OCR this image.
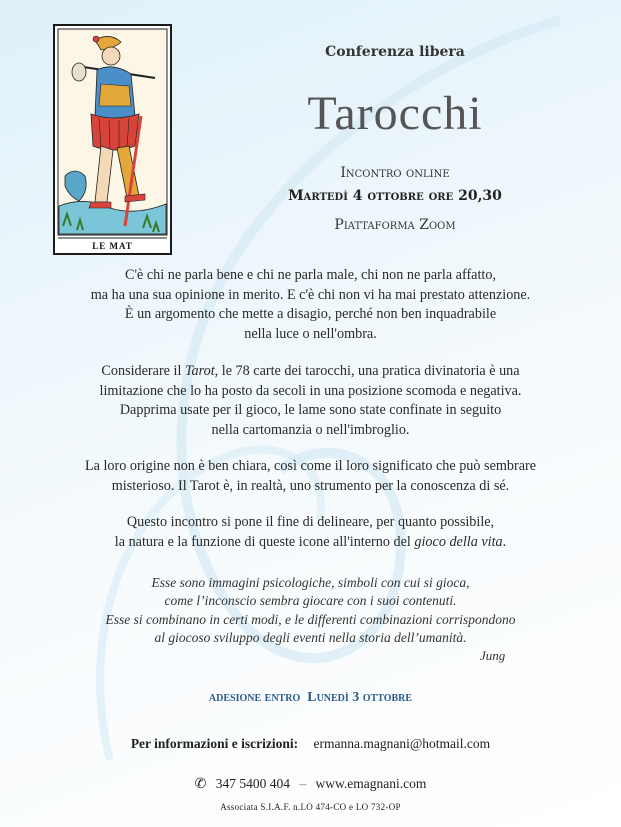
LE MAT
Conferenza libera
Tarocchi
Incontro online
Martedì 4 ottobre ore 20,30
Piattaforma Zoom
C'è chi ne parla bene e chi ne parla male, chi non ne parla affatto,
ma ha una sua opinione in merito. E c'è chi non vi ha mai prestato attenzione.
È un argomento che mette a disagio, perché non ben inquadrabile
nella luce o nell'ombra.
Considerare il Tarot, le 78 carte dei tarocchi, una pratica divinatoria è una
limitazione che lo ha posto da secoli in una posizione scomoda e negativa.
Dapprima usate per il gioco, le lame sono state confinate in seguito
nella cartomanzia o nell'imbroglio.
La loro origine non è ben chiara, così come il loro significato che può sembrare
misterioso. Il Tarot è, in realtà, uno strumento per la conoscenza di sé.
Questo incontro si pone il fine di delineare, per quanto possibile,
la natura e la funzione di queste icone all'interno del gioco della vita.
Esse sono immagini psicologiche, simboli con cui si gioca,
come l’inconscio sembra giocare con i suoi contenuti.
Esse si combinano in certi modi, e le differenti combinazioni corrispondono
al giocoso sviluppo degli eventi nella storia dell’umanità.
Jung
adesione entro Lunedì 3 ottobre
Per informazioni e iscrizioni: ermanna.magnani@hotmail.com
✆ 347 5400 404 – www.emagnani.com
Associata S.I.A.F. n.LO 474-CO e LO 732-OP
